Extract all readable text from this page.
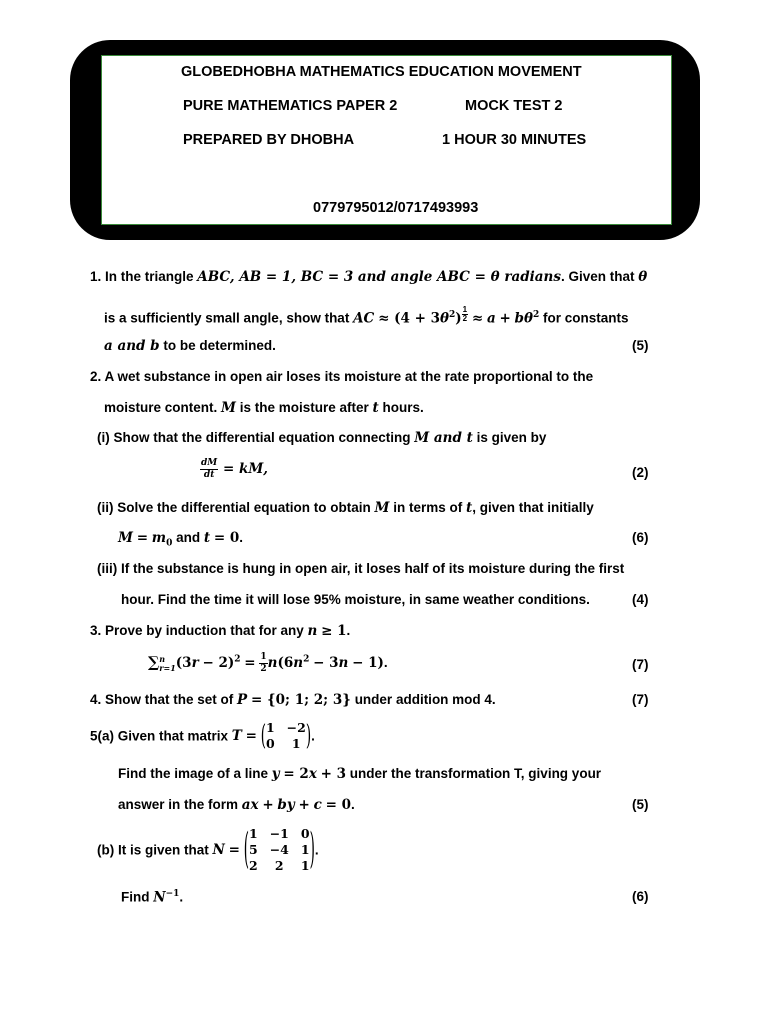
GLOBEDHOBHA MATHEMATICS EDUCATION MOVEMENT
PURE MATHEMATICS PAPER 2	MOCK TEST 2
PREPARED BY DHOBHA	1 HOUR 30 MINUTES
0779795012/0717493993
1. In the triangle ABC, AB = 1, BC = 3 and angle ABC = θ radians. Given that θ
is a sufficiently small angle, show that AC ≈ $(4 + 3\theta^2)$ $^{\frac{1}{2}} \approx a + b\theta^2$ for constants
a and b to be determined.	(5)
2. A wet substance in open air loses its moisture at the rate proportional to the
moisture content. M is the moisture after t hours.
(i) Show that the differential equation connecting M and t is given by
$\frac{dM}{dt}$ = kM,	(2)
(ii) Solve the differential equation to obtain M in terms of t, given that initially
$M = m_0$ and t = 0.	(6)
(iii) If the substance is hung in open air, it loses half of its moisture during the first
hour. Find the time it will lose 95% moisture, in same weather conditions.	(4)
3. Prove by induction that for any n ≥ 1.
∑ n
r=1 $(3r - 2)^2 = \frac{1}{2} n(6n^2 - 3n - 1)$.	(7)
4. Show that the set of P = {0; 1; 2; 3} under addition mod 4.	(7)
5(a) Given that matrix T = ( 1 −2
0	1 ).
Find the image of a line y = 2x + 3 under the transformation T, giving your
answer in the form ax + by + c = 0.	(5)
(b) It is given that N = ( 1 −1 0
5 −4 1
2	2	1 ).
Find $N^{-1}$.	(6)
